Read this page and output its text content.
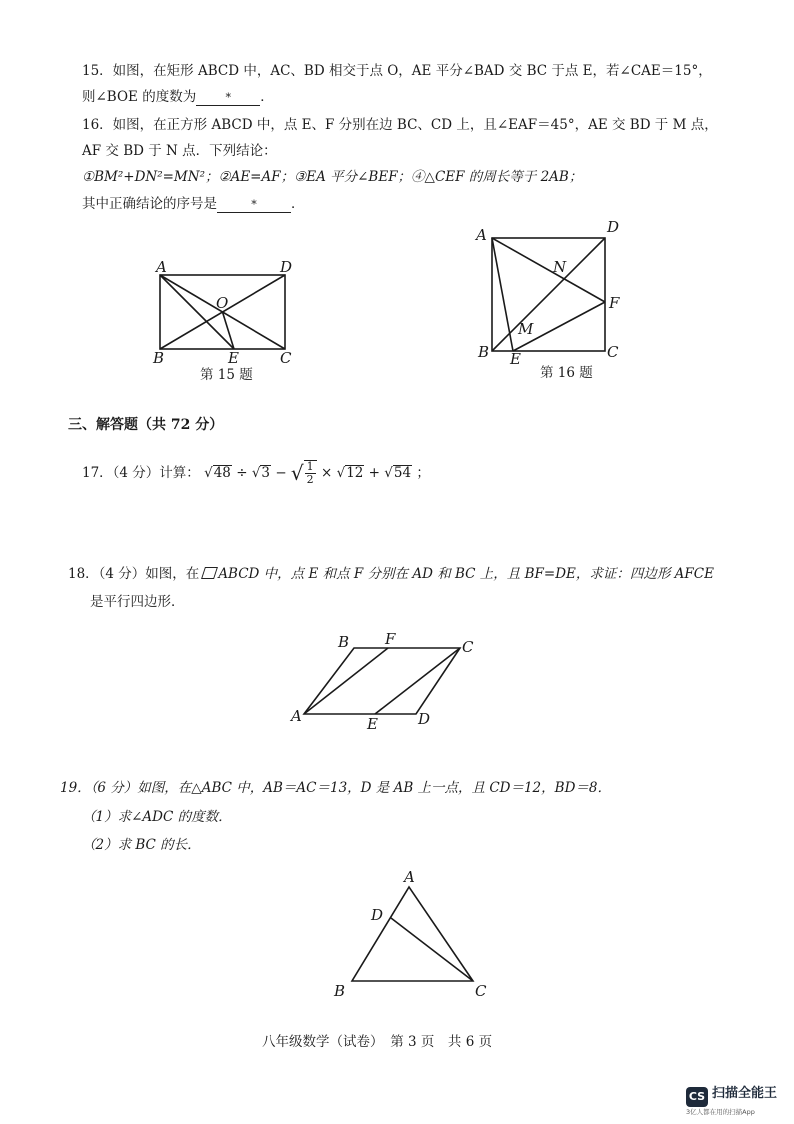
15．如图，在矩形 ABCD 中，AC、BD 相交于点 O，AE 平分∠BAD 交 BC 于点 E，若∠CAE＝15°，
则∠BOE 的度数为	* ．
16．如图，在正方形 ABCD 中，点 E、F 分别在边 BC、CD 上，且∠EAF＝45°，AE 交 BD 于 M 点，
AF 交 BD 于 N 点．下列结论：
①BM²+DN²=MN²；②AE=AF；③EA 平分∠BEF；④△CEF 的周长等于 2AB；
其中正确结论的序号是	*	．
A	D
O
B	E	C
第 15 题
A	D
N
F
M
B E	C
第 16 题
三、解答题（共 72 分）
17．（4 分）计算： √48 ÷ √3 − √ $\frac{1}{2} \times √12 + √54$ ；
18．（4 分）如图，在 ABCD 中，点 E 和点 F 分别在 AD 和 BC 上，且 BF=DE，求证：四边形 AFCE
是平行四边形．
B F	C
A	E	D
19．（6 分）如图，在△ABC 中，AB＝AC＝13，D 是 AB 上一点，且 CD＝12，BD＝8．
（1）求∠ADC 的度数．
（2）求 BC 的长．
A
D
B	C
八年级数学（试卷）　第 3 页　共 6 页
CS 扫描全能王
3亿人都在用的扫描App
